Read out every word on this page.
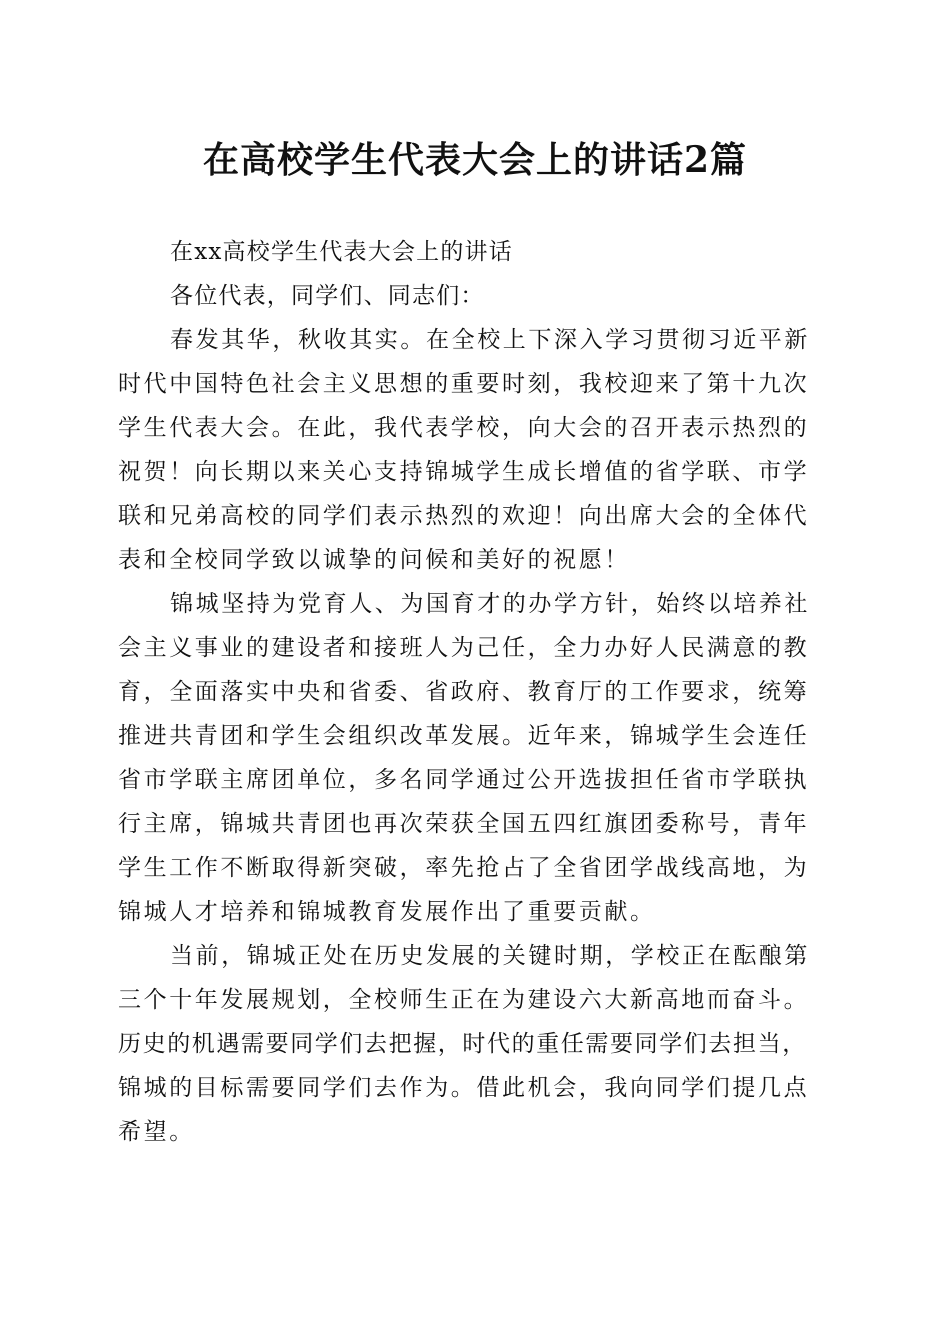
在高校学生代表大会上的讲话2篇
在xx高校学生代表大会上的讲话
各位代表，同学们、同志们：
春发其华，秋收其实。在全校上下深入学习贯彻习近平新
时代中国特色社会主义思想的重要时刻，我校迎来了第十九次
学生代表大会。在此，我代表学校，向大会的召开表示热烈的
祝贺！向长期以来关心支持锦城学生成长增值的省学联、市学
联和兄弟高校的同学们表示热烈的欢迎！向出席大会的全体代
表和全校同学致以诚挚的问候和美好的祝愿！
锦城坚持为党育人、为国育才的办学方针，始终以培养社
会主义事业的建设者和接班人为己任，全力办好人民满意的教
育，全面落实中央和省委、省政府、教育厅的工作要求，统筹
推进共青团和学生会组织改革发展。近年来，锦城学生会连任
省市学联主席团单位，多名同学通过公开选拔担任省市学联执
行主席，锦城共青团也再次荣获全国五四红旗团委称号，青年
学生工作不断取得新突破，率先抢占了全省团学战线高地，为
锦城人才培养和锦城教育发展作出了重要贡献。
当前，锦城正处在历史发展的关键时期，学校正在酝酿第
三个十年发展规划，全校师生正在为建设六大新高地而奋斗。
历史的机遇需要同学们去把握，时代的重任需要同学们去担当，
锦城的目标需要同学们去作为。借此机会，我向同学们提几点
希望。
